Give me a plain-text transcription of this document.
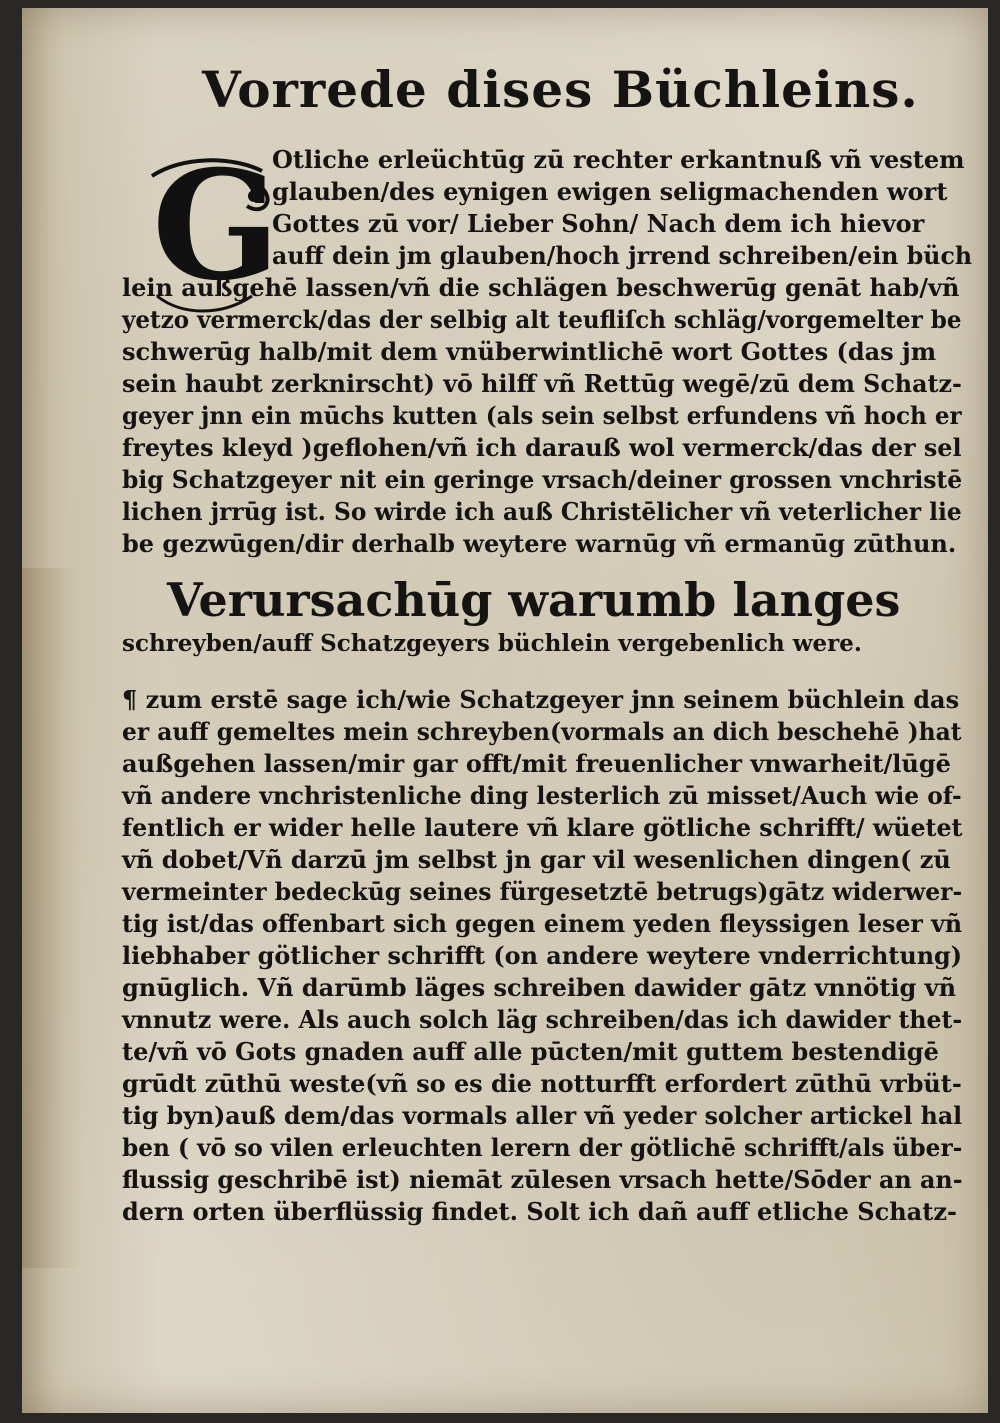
Vorrede dises Büchleins.
G
Otliche erleüchtūg zū rechter erkantnuß vñ vestem
glauben/des eynigen ewigen seligmachenden wort
Gottes zū vor/ Lieber Sohn/ Nach dem ich hievor
auff dein jm glauben/hoch jrrend schreiben/ein büch
lein außgehē lassen/vñ die schlägen beschwerūg genāt hab/vñ
yetzo vermerck/das der selbig alt teufliſch schläg/vorgemelter be
schwerūg halb/mit dem vnüberwintlichē wort Gottes (das jm
sein haubt zerknirscht) vō hilff vñ Rettūg wegē/zū dem Schatz-
geyer jnn ein mūchs kutten (als sein selbst erfundens vñ hoch er
freytes kleyd )geflohen/vñ ich darauß wol vermerck/das der sel
big Schatzgeyer nit ein geringe vrsach/deiner grossen vnchristē
lichen jrrūg ist. So wirde ich auß Christēlicher vñ veterlicher lie
be gezwūgen/dir derhalb weytere warnūg vñ ermanūg zūthun.
Verursachūg warumb langes
schreyben/auff Schatzgeyers büchlein vergebenlich were.
¶ zum erstē sage ich/wie Schatzgeyer jnn seinem büchlein das
er auff gemeltes mein schreyben(vormals an dich beschehē )hat
außgehen lassen/mir gar offt/mit freuenlicher vnwarheit/lūgē
vñ andere vnchristenliche ding lesterlich zū misset/Auch wie of-
fentlich er wider helle lautere vñ klare götliche schrifft/ wüetet
vñ dobet/Vñ darzū jm selbst jn gar vil wesenlichen dingen( zū
vermeinter bedeckūg seines fürgesetztē betrugs)gātz widerwer-
tig ist/das offenbart sich gegen einem yeden fleyssigen leser vñ
liebhaber götlicher schrifft (on andere weytere vnderrichtung)
gnūglich. Vñ darūmb läges schreiben dawider gātz vnnötig vñ
vnnutz were. Als auch solch läg schreiben/das ich dawider thet-
te/vñ vō Gots gnaden auff alle pūcten/mit guttem bestendigē
grūdt zūthū weste(vñ so es die notturfft erfordert zūthū vrbüt-
tig byn)auß dem/das vormals aller vñ yeder solcher artickel hal
ben ( vō so vilen erleuchten lerern der götlichē schrifft/als über-
flussig geschribē ist) niemāt zūlesen vrsach hette/Sōder an an-
dern orten überflüssig findet. Solt ich dañ auff etliche Schatz-
